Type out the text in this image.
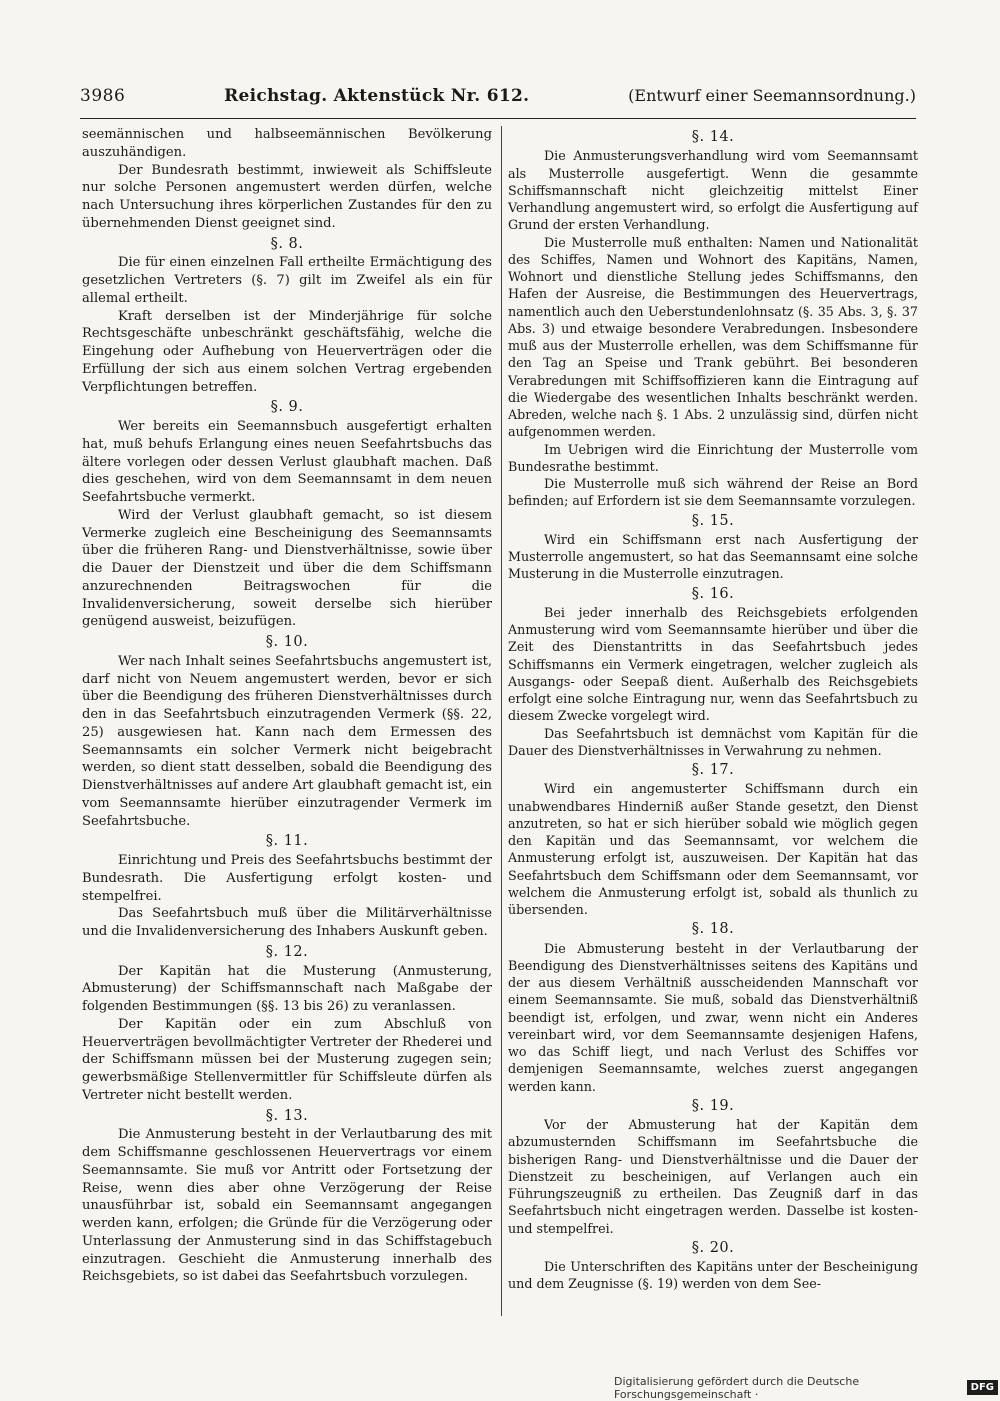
3986	Reichstag. Aktenstück Nr. 612.	(Entwurf einer Seemannsordnung.)

seemännischen und halbseemännischen Bevölkerung auszuhändigen.

Der Bundesrath bestimmt, inwieweit als Schiffsleute nur solche Personen angemustert werden dürfen, welche nach Untersuchung ihres körperlichen Zustandes für den zu übernehmenden Dienst geeignet sind.

§. 8.

Die für einen einzelnen Fall ertheilte Ermächtigung des gesetzlichen Vertreters (§. 7) gilt im Zweifel als ein für allemal ertheilt.

Kraft derselben ist der Minderjährige für solche Rechtsgeschäfte unbeschränkt geschäftsfähig, welche die Eingehung oder Aufhebung von Heuerverträgen oder die Erfüllung der sich aus einem solchen Vertrag ergebenden Verpflichtungen betreffen.

§. 9.

Wer bereits ein Seemannsbuch ausgefertigt erhalten hat, muß behufs Erlangung eines neuen Seefahrtsbuchs das ältere vorlegen oder dessen Verlust glaubhaft machen. Daß dies geschehen, wird von dem Seemannsamt in dem neuen Seefahrtsbuche vermerkt.

Wird der Verlust glaubhaft gemacht, so ist diesem Vermerke zugleich eine Bescheinigung des Seemannsamts über die früheren Rang- und Dienstverhältnisse, sowie über die Dauer der Dienstzeit und über die dem Schiffsmann anzurechnenden Beitragswochen für die Invalidenversicherung, soweit derselbe sich hierüber genügend ausweist, beizufügen.

§. 10.

Wer nach Inhalt seines Seefahrtsbuchs angemustert ist, darf nicht von Neuem angemustert werden, bevor er sich über die Beendigung des früheren Dienstverhältnisses durch den in das Seefahrtsbuch einzutragenden Vermerk (§§. 22, 25) ausgewiesen hat. Kann nach dem Ermessen des Seemannsamts ein solcher Vermerk nicht beigebracht werden, so dient statt desselben, sobald die Beendigung des Dienstverhältnisses auf andere Art glaubhaft gemacht ist, ein vom Seemannsamte hierüber einzutragender Vermerk im Seefahrtsbuche.

§. 11.

Einrichtung und Preis des Seefahrtsbuchs bestimmt der Bundesrath. Die Ausfertigung erfolgt kosten- und stempelfrei.

Das Seefahrtsbuch muß über die Militärverhältnisse und die Invalidenversicherung des Inhabers Auskunft geben.

§. 12.

Der Kapitän hat die Musterung (Anmusterung, Abmusterung) der Schiffsmannschaft nach Maßgabe der folgenden Bestimmungen (§§. 13 bis 26) zu veranlassen.

Der Kapitän oder ein zum Abschluß von Heuerverträgen bevollmächtigter Vertreter der Rhederei und der Schiffsmann müssen bei der Musterung zugegen sein; gewerbsmäßige Stellenvermittler für Schiffsleute dürfen als Vertreter nicht bestellt werden.

§. 13.

Die Anmusterung besteht in der Verlautbarung des mit dem Schiffsmanne geschlossenen Heuervertrags vor einem Seemannsamte. Sie muß vor Antritt oder Fortsetzung der Reise, wenn dies aber ohne Verzögerung der Reise unausführbar ist, sobald ein Seemannsamt angegangen werden kann, erfolgen; die Gründe für die Verzögerung oder Unterlassung der Anmusterung sind in das Schiffstagebuch einzutragen. Geschieht die Anmusterung innerhalb des Reichsgebiets, so ist dabei das Seefahrtsbuch vorzulegen.

§. 14.

Die Anmusterungsverhandlung wird vom Seemannsamt als Musterrolle ausgefertigt. Wenn die gesammte Schiffsmannschaft nicht gleichzeitig mittelst Einer Verhandlung angemustert wird, so erfolgt die Ausfertigung auf Grund der ersten Verhandlung.

Die Musterrolle muß enthalten: Namen und Nationalität des Schiffes, Namen und Wohnort des Kapitäns, Namen, Wohnort und dienstliche Stellung jedes Schiffsmanns, den Hafen der Ausreise, die Bestimmungen des Heuervertrags, namentlich auch den Ueberstundenlohnsatz (§. 35 Abs. 3, §. 37 Abs. 3) und etwaige besondere Verabredungen. Insbesondere muß aus der Musterrolle erhellen, was dem Schiffsmanne für den Tag an Speise und Trank gebührt. Bei besonderen Verabredungen mit Schiffsoffizieren kann die Eintragung auf die Wiedergabe des wesentlichen Inhalts beschränkt werden. Abreden, welche nach §. 1 Abs. 2 unzulässig sind, dürfen nicht aufgenommen werden.

Im Uebrigen wird die Einrichtung der Musterrolle vom Bundesrathe bestimmt.

Die Musterrolle muß sich während der Reise an Bord befinden; auf Erfordern ist sie dem Seemannsamte vorzulegen.

§. 15.

Wird ein Schiffsmann erst nach Ausfertigung der Musterrolle angemustert, so hat das Seemannsamt eine solche Musterung in die Musterrolle einzutragen.

§. 16.

Bei jeder innerhalb des Reichsgebiets erfolgenden Anmusterung wird vom Seemannsamte hierüber und über die Zeit des Dienstantritts in das Seefahrtsbuch jedes Schiffsmanns ein Vermerk eingetragen, welcher zugleich als Ausgangs- oder Seepaß dient. Außerhalb des Reichsgebiets erfolgt eine solche Eintragung nur, wenn das Seefahrtsbuch zu diesem Zwecke vorgelegt wird.

Das Seefahrtsbuch ist demnächst vom Kapitän für die Dauer des Dienstverhältnisses in Verwahrung zu nehmen.

§. 17.

Wird ein angemusterter Schiffsmann durch ein unabwendbares Hinderniß außer Stande gesetzt, den Dienst anzutreten, so hat er sich hierüber sobald wie möglich gegen den Kapitän und das Seemannsamt, vor welchem die Anmusterung erfolgt ist, auszuweisen. Der Kapitän hat das Seefahrtsbuch dem Schiffsmann oder dem Seemannsamt, vor welchem die Anmusterung erfolgt ist, sobald als thunlich zu übersenden.

§. 18.

Die Abmusterung besteht in der Verlautbarung der Beendigung des Dienstverhältnisses seitens des Kapitäns und der aus diesem Verhältniß ausscheidenden Mannschaft vor einem Seemannsamte. Sie muß, sobald das Dienstverhältniß beendigt ist, erfolgen, und zwar, wenn nicht ein Anderes vereinbart wird, vor dem Seemannsamte desjenigen Hafens, wo das Schiff liegt, und nach Verlust des Schiffes vor demjenigen Seemannsamte, welches zuerst angegangen werden kann.

§. 19.

Vor der Abmusterung hat der Kapitän dem abzumusternden Schiffsmann im Seefahrtsbuche die bisherigen Rang- und Dienstverhältnisse und die Dauer der Dienstzeit zu bescheinigen, auf Verlangen auch ein Führungszeugniß zu ertheilen. Das Zeugniß darf in das Seefahrtsbuch nicht eingetragen werden. Dasselbe ist kosten- und stempelfrei.

§. 20.

Die Unterschriften des Kapitäns unter der Bescheinigung und dem Zeugnisse (§. 19) werden von dem See-

Digitalisierung gefördert durch die Deutsche Forschungsgemeinschaft ·	DFG
